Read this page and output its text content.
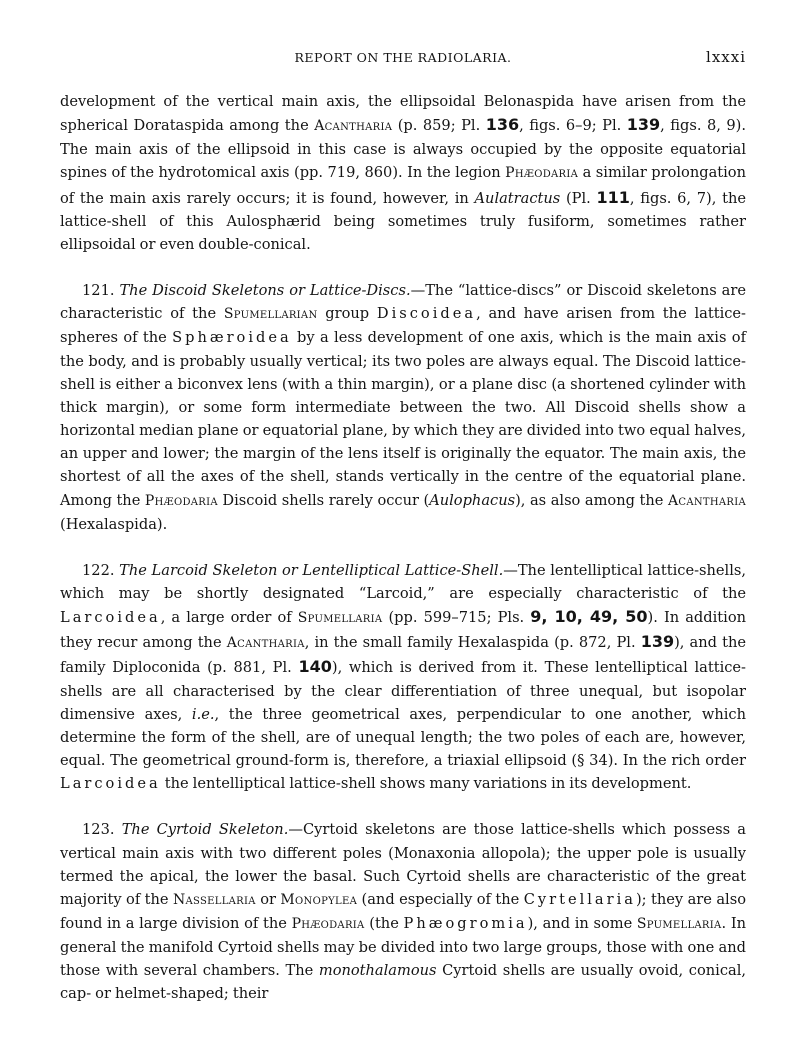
REPORT ON THE RADIOLARIA.	lxxxi

development of the vertical main axis, the ellipsoidal Belonaspida have arisen from the spherical Dorataspida among the Acantharia (p. 859; Pl. 136, figs. 6–9; Pl. 139, figs. 8, 9). The main axis of the ellipsoid in this case is always occupied by the opposite equatorial spines of the hydrotomical axis (pp. 719, 860). In the legion Phæodaria a similar prolongation of the main axis rarely occurs; it is found, however, in Aulatractus (Pl. 111, figs. 6, 7), the lattice-shell of this Aulosphærid being sometimes truly fusiform, sometimes rather ellipsoidal or even double-conical.

121. The Discoid Skeletons or Lattice-Discs.—The “lattice-discs” or Discoid skeletons are characteristic of the Spumellarian group Discoidea, and have arisen from the lattice-spheres of the Sphæroidea by a less development of one axis, which is the main axis of the body, and is probably usually vertical; its two poles are always equal. The Discoid lattice-shell is either a biconvex lens (with a thin margin), or a plane disc (a shortened cylinder with thick margin), or some form intermediate between the two. All Discoid shells show a horizontal median plane or equatorial plane, by which they are divided into two equal halves, an upper and lower; the margin of the lens itself is originally the equator. The main axis, the shortest of all the axes of the shell, stands vertically in the centre of the equatorial plane. Among the Phæodaria Discoid shells rarely occur (Aulophacus), as also among the Acantharia (Hexalaspida).

122. The Larcoid Skeleton or Lentelliptical Lattice-Shell.—The lentelliptical lattice-shells, which may be shortly designated “Larcoid,” are especially characteristic of the Larcoidea, a large order of Spumellaria (pp. 599–715; Pls. 9, 10, 49, 50). In addition they recur among the Acantharia, in the small family Hexalaspida (p. 872, Pl. 139), and the family Diploconida (p. 881, Pl. 140), which is derived from it. These lentelliptical lattice-shells are all characterised by the clear differentiation of three unequal, but isopolar dimensive axes, i.e., the three geometrical axes, perpendicular to one another, which determine the form of the shell, are of unequal length; the two poles of each are, however, equal. The geometrical ground-form is, therefore, a triaxial ellipsoid (§ 34). In the rich order Larcoidea the lentelliptical lattice-shell shows many variations in its development.

123. The Cyrtoid Skeleton.—Cyrtoid skeletons are those lattice-shells which possess a vertical main axis with two different poles (Monaxonia allopola); the upper pole is usually termed the apical, the lower the basal. Such Cyrtoid shells are characteristic of the great majority of the Nassellaria or Monopylea (and especially of the Cyrtellaria); they are also found in a large division of the Phæodaria (the Phæogromia), and in some Spumellaria. In general the manifold Cyrtoid shells may be divided into two large groups, those with one and those with several chambers. The monothalamous Cyrtoid shells are usually ovoid, conical, cap- or helmet-shaped; their
